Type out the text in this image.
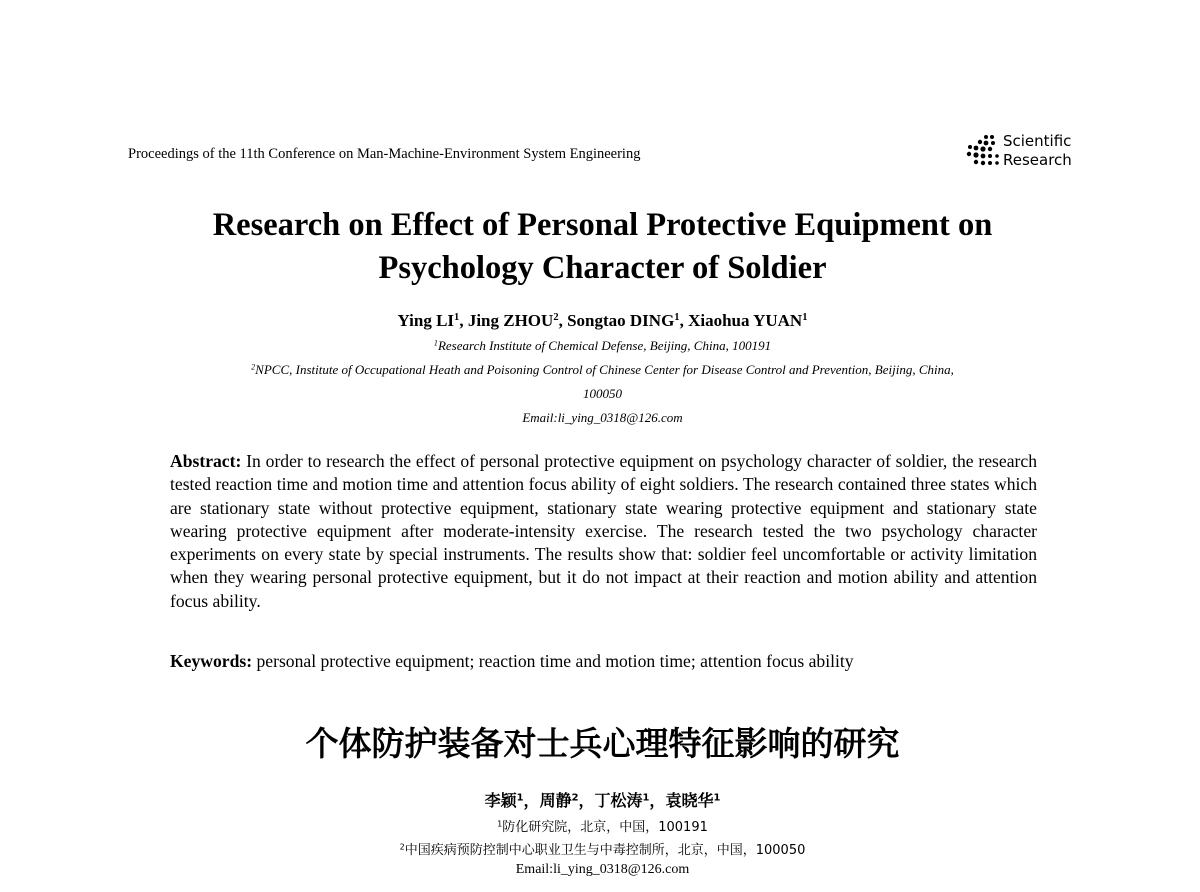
Proceedings of the 11th Conference on Man-Machine-Environment System Engineering
Scientific
Research
Research on Effect of Personal Protective Equipment on
Psychology Character of Soldier
Ying $LI^1$, Jing ZHOU$^2$, Songtao DING$^1$, Xiaohua YUAN$^1$
$^1$Research Institute of Chemical Defense, Beijing, China, 100191
$^2$NPCC, Institute of Occupational Heath and Poisoning Control of Chinese Center for Disease Control and Prevention, Beijing, China,
100050
Email:li_ying_0318@126.com
Abstract: In order to research the effect of personal protective equipment on psychology character of soldier, the research tested reaction time and motion time and attention focus ability of eight soldiers. The research contained three states which are stationary state without protective equipment, stationary state wearing protective equipment and stationary state wearing protective equipment after moderate-intensity exercise. The research tested the two psychology character experiments on every state by special instruments. The results show that: soldier feel uncomfortable or activity limitation when they wearing personal protective equipment, but it do not impact at their reaction and motion ability and attention focus ability.
Keywords: personal protective equipment; reaction time and motion time; attention focus ability
个体防护装备对士兵心理特征影响的研究
李颖$^1$，周静$^2$，丁松涛$^1$，袁晓华$^1$
$^1$防化研究院，北京，中国，100191
$^2$中国疾病预防控制中心职业卫生与中毒控制所，北京，中国，100050
Email:li_ying_0318@126.com
